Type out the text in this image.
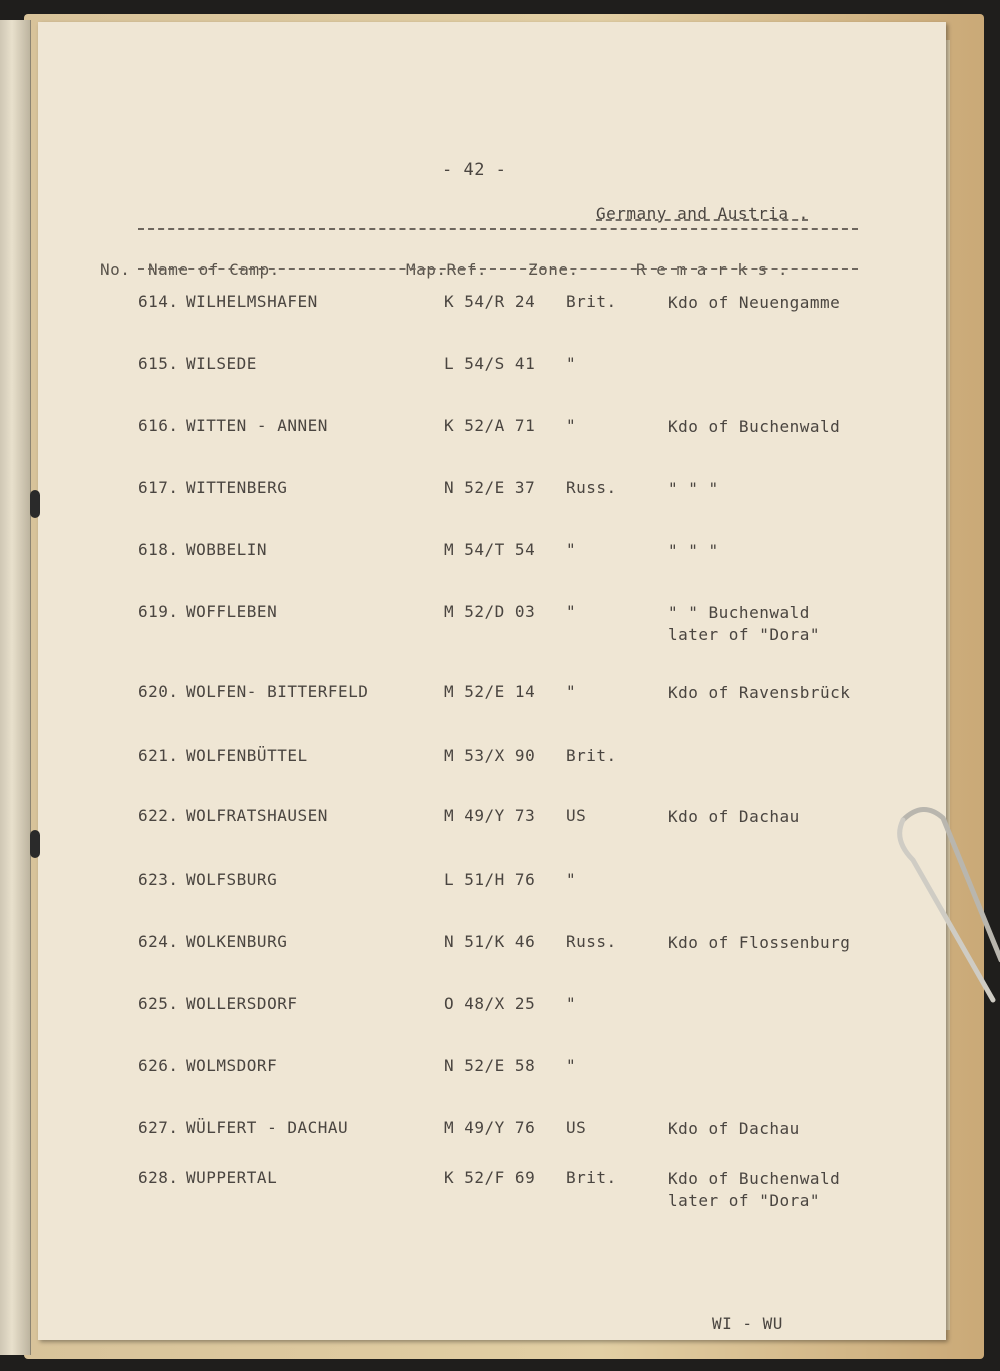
- 42 -
Germany and Austria .
No. Name of Camp.	Map.Ref.	Zone.	R e m a r k s .
614. WILHELMSHAFEN	K 54/R 24 Brit.	Kdo of Neuengamme
615. WILSEDE	L 54/S 41 "
616. WITTEN - ANNEN	K 52/A 71 "	Kdo of Buchenwald
617. WITTENBERG	N 52/E 37 Russ.	" " "
618. WOBBELIN	M 54/T 54 "	" " "
619. WOFFLEBEN	M 52/D 03 "	" " Buchenwald
later of "Dora"
620. WOLFEN- BITTERFELD	M 52/E 14 "	Kdo of Ravensbrück
621. WOLFENBÜTTEL	M 53/X 90 Brit.
622. WOLFRATSHAUSEN	M 49/Y 73 US	Kdo of Dachau
623. WOLFSBURG	L 51/H 76 "
624. WOLKENBURG	N 51/K 46 Russ.	Kdo of Flossenburg
625. WOLLERSDORF	O 48/X 25 "
626. WOLMSDORF	N 52/E 58 "
627. WÜLFERT - DACHAU	M 49/Y 76 US	Kdo of Dachau
628. WUPPERTAL	K 52/F 69 Brit.	Kdo of Buchenwald
later of "Dora"
WI - WU
